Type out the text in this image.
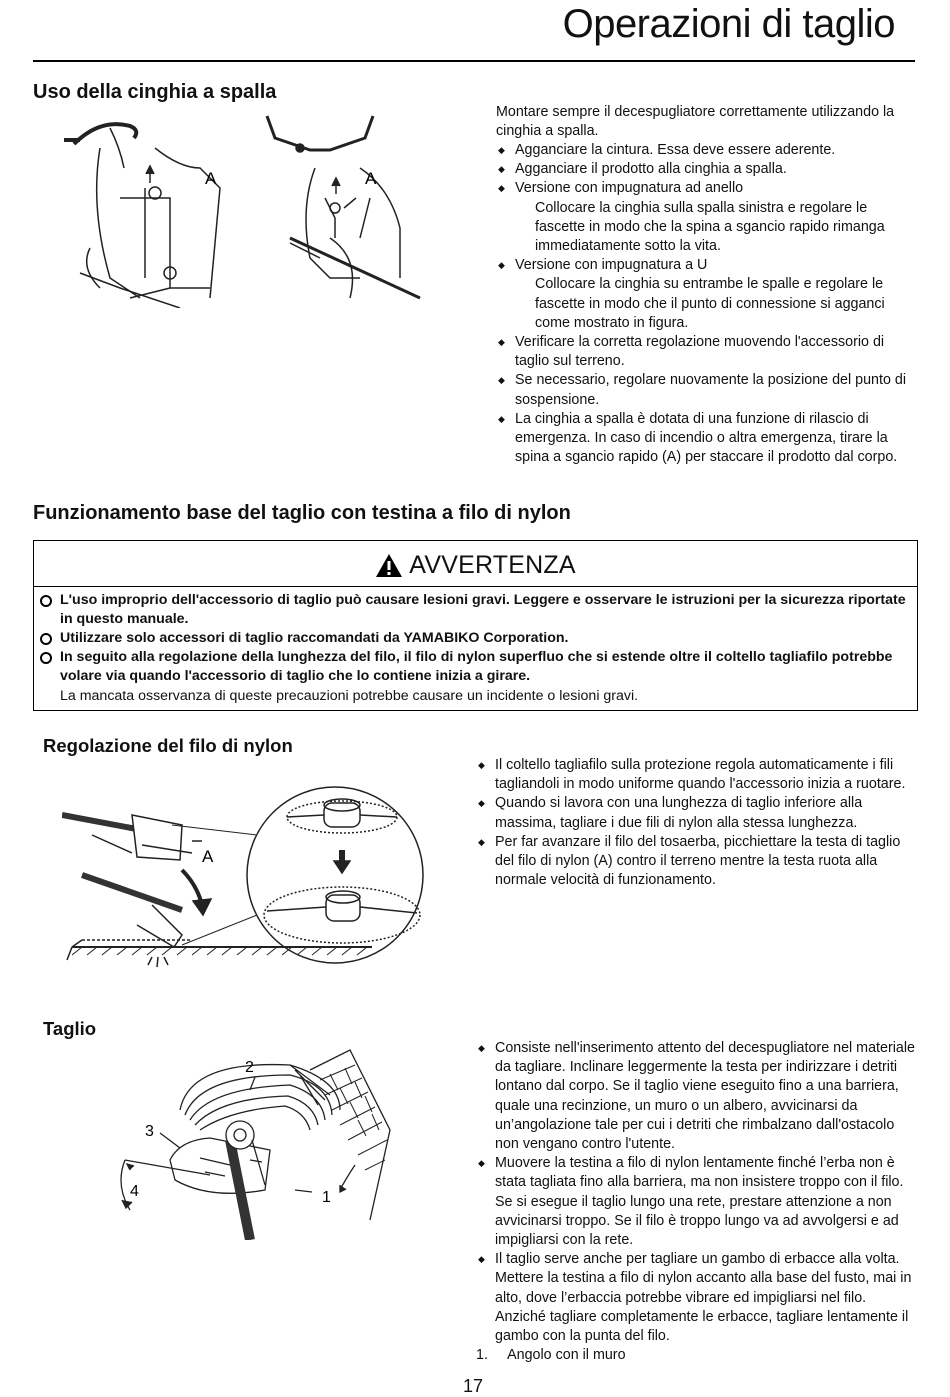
Operazioni di taglio
Uso della cinghia a spalla
A	A
Montare sempre il decespugliatore correttamente utilizzando la cinghia a spalla.
◆ Agganciare la cintura. Essa deve essere aderente.
◆ Agganciare il prodotto alla cinghia a spalla.
◆ Versione con impugnatura ad anello
Collocare la cinghia sulla spalla sinistra e regolare le fascette in modo che la spina a sgancio rapido rimanga immediatamente sotto la vita.
◆ Versione con impugnatura a U
Collocare la cinghia su entrambe le spalle e regolare le fascette in modo che il punto di connessione si agganci come mostrato in figura.
◆ Verificare la corretta regolazione muovendo l'accessorio di taglio sul terreno.
◆ Se necessario, regolare nuovamente la posizione del punto di sospensione.
◆ La cinghia a spalla è dotata di una funzione di rilascio di emergenza. In caso di incendio o altra emergenza, tirare la spina a sgancio rapido (A) per staccare il prodotto dal corpo.
Funzionamento base del taglio con testina a filo di nylon
AVVERTENZA
L'uso improprio dell'accessorio di taglio può causare lesioni gravi. Leggere e osservare le istruzioni per la sicurezza riportate in questo manuale.
Utilizzare solo accessori di taglio raccomandati da YAMABIKO Corporation.
In seguito alla regolazione della lunghezza del filo, il filo di nylon superfluo che si estende oltre il coltello tagliafilo potrebbe volare via quando l'accessorio di taglio che lo contiene inizia a girare.
La mancata osservanza di queste precauzioni potrebbe causare un incidente o lesioni gravi.
Regolazione del filo di nylon
A
◆ Il coltello tagliafilo sulla protezione regola automaticamente i fili tagliandoli in modo uniforme quando l'accessorio inizia a ruotare.
◆ Quando si lavora con una lunghezza di taglio inferiore alla massima, tagliare i due fili di nylon alla stessa lunghezza.
◆ Per far avanzare il filo del tosaerba, picchiettare la testa di taglio del filo di nylon (A) contro il terreno mentre la testa ruota alla normale velocità di funzionamento.
Taglio
2
3
4	1
◆ Consiste nell'inserimento attento del decespugliatore nel materiale da tagliare. Inclinare leggermente la testa per indirizzare i detriti lontano dal corpo. Se il taglio viene eseguito fino a una barriera, quale una recinzione, un muro o un albero, avvicinarsi da un’angolazione tale per cui i detriti che rimbalzano dall'ostacolo non vengano contro l'utente.
◆ Muovere la testina a filo di nylon lentamente finché l’erba non è stata tagliata fino alla barriera, ma non insistere troppo con il filo. Se si esegue il taglio lungo una rete, prestare attenzione a non avvicinarsi troppo. Se il filo è troppo lungo va ad avvolgersi e ad impigliarsi con la rete.
◆ Il taglio serve anche per tagliare un gambo di erbacce alla volta. Mettere la testina a filo di nylon accanto alla base del fusto, mai in alto, dove l’erbaccia potrebbe vibrare ed impigliarsi nel filo. Anziché tagliare completamente le erbacce, tagliare lentamente il gambo con la punta del filo.
1. Angolo con il muro
17
